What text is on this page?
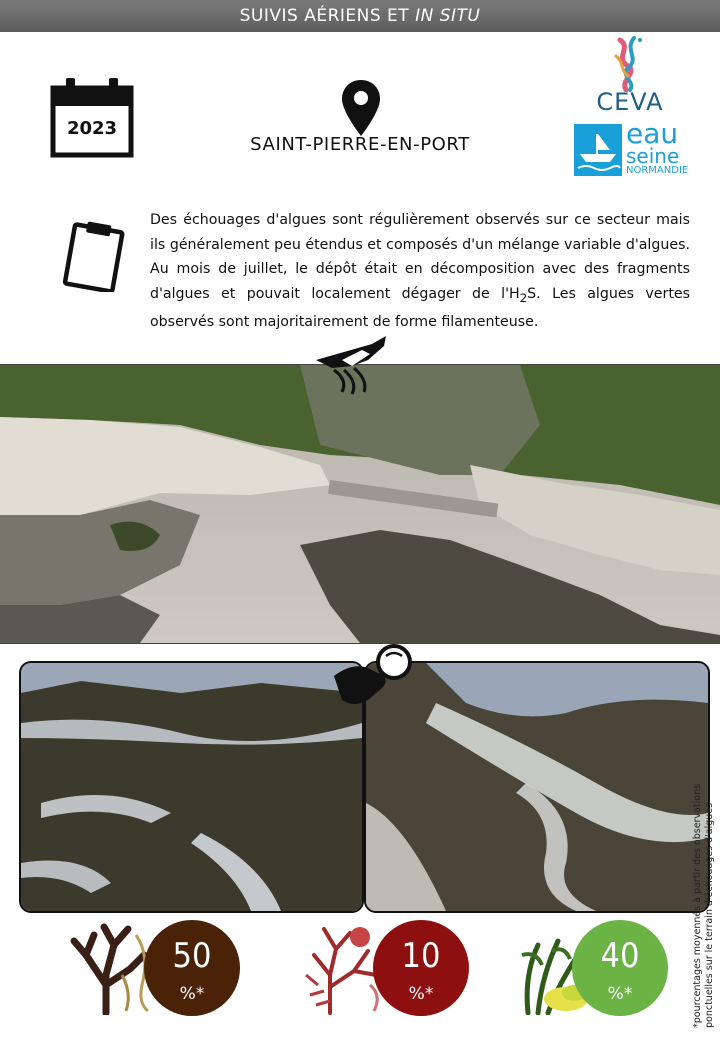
SUIVIS AÉRIENS ET IN SITU
2023
SAINT-PIERRE-EN-PORT
CEVA
eau
seine
NORMANDIE
Des échouages d'algues sont régulièrement observés sur ce secteur mais ils généralement peu étendus et composés d'un mélange variable d'algues. Au mois de juillet, le dépôt était en décomposition avec des fragments d'algues et pouvait localement dégager de $l'H_2S$. Les algues vertes observés sont majoritairement de forme filamenteuse.
50
%*
10
%*
40
%*	*pourcentages moyennés à partir des observations ponctuelles sur le terrain d'échouages d'algues
